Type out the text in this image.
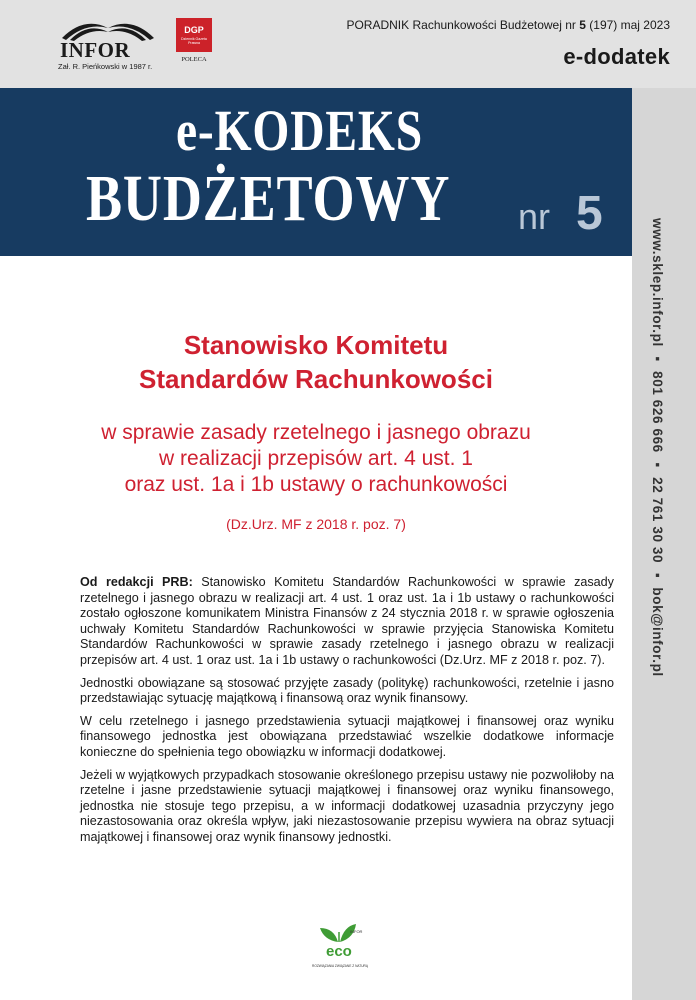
INFOR
Zał. R. Pieńkowski w 1987 r.
DGP
Dziennik Gazeta Prawna
POLECA
PORADNIK Rachunkowości Budżetowej nr 5 (197) maj 2023
e-dodatek
e-KODEKS
BUDŻETOWY nr 5
www.sklep.infor.pl ▪ 801 626 666 ▪ 22 761 30 30 ▪ bok@infor.pl
Stanowisko Komitetu
Standardów Rachunkowości
w sprawie zasady rzetelnego i jasnego obrazu
w realizacji przepisów art. 4 ust. 1
oraz ust. 1a i 1b ustawy o rachunkowości
(Dz.Urz. MF z 2018 r. poz. 7)

Od redakcji PRB: Stanowisko Komitetu Standardów Rachunkowości w sprawie zasady rzetelnego i jasnego obrazu w realizacji art. 4 ust. 1 oraz ust. 1a i 1b ustawy o rachunkowości zostało ogłoszone komunikatem Ministra Finansów z 24 stycznia 2018 r. w sprawie ogłoszenia uchwały Komitetu Standardów Rachunkowości w sprawie przyjęcia Stanowiska Komitetu Standardów Rachunkowości w sprawie zasady rzetelnego i jasnego obrazu w realizacji przepisów art. 4 ust. 1 oraz ust. 1a i 1b ustawy o rachunkowości (Dz.Urz. MF z 2018 r. poz. 7).

Jednostki obowiązane są stosować przyjęte zasady (politykę) rachunkowości, rzetelnie i jasno przedstawiając sytuację majątkową i finansową oraz wynik finansowy.

W celu rzetelnego i jasnego przedstawienia sytuacji majątkowej i finansowej oraz wyniku finansowego jednostka jest obowiązana przedstawiać wszelkie dodatkowe informacje konieczne do spełnienia tego obowiązku w informacji dodatkowej.

Jeżeli w wyjątkowych przypadkach stosowanie określonego przepisu ustawy nie pozwoliłoby na rzetelne i jasne przedstawienie sytuacji majątkowej i finansowej oraz wyniku finansowego, jednostka nie stosuje tego przepisu, a w informacji dodatkowej uzasadnia przyczyny jego niezastosowania oraz określa wpływ, jaki niezastosowanie przepisu wywiera na obraz sytuacji majątkowej i finansowej oraz wynik finansowy jednostki.

INFOR
eco
ROZWIĄZANIA ZWIĄZANE Z NATURĄ
